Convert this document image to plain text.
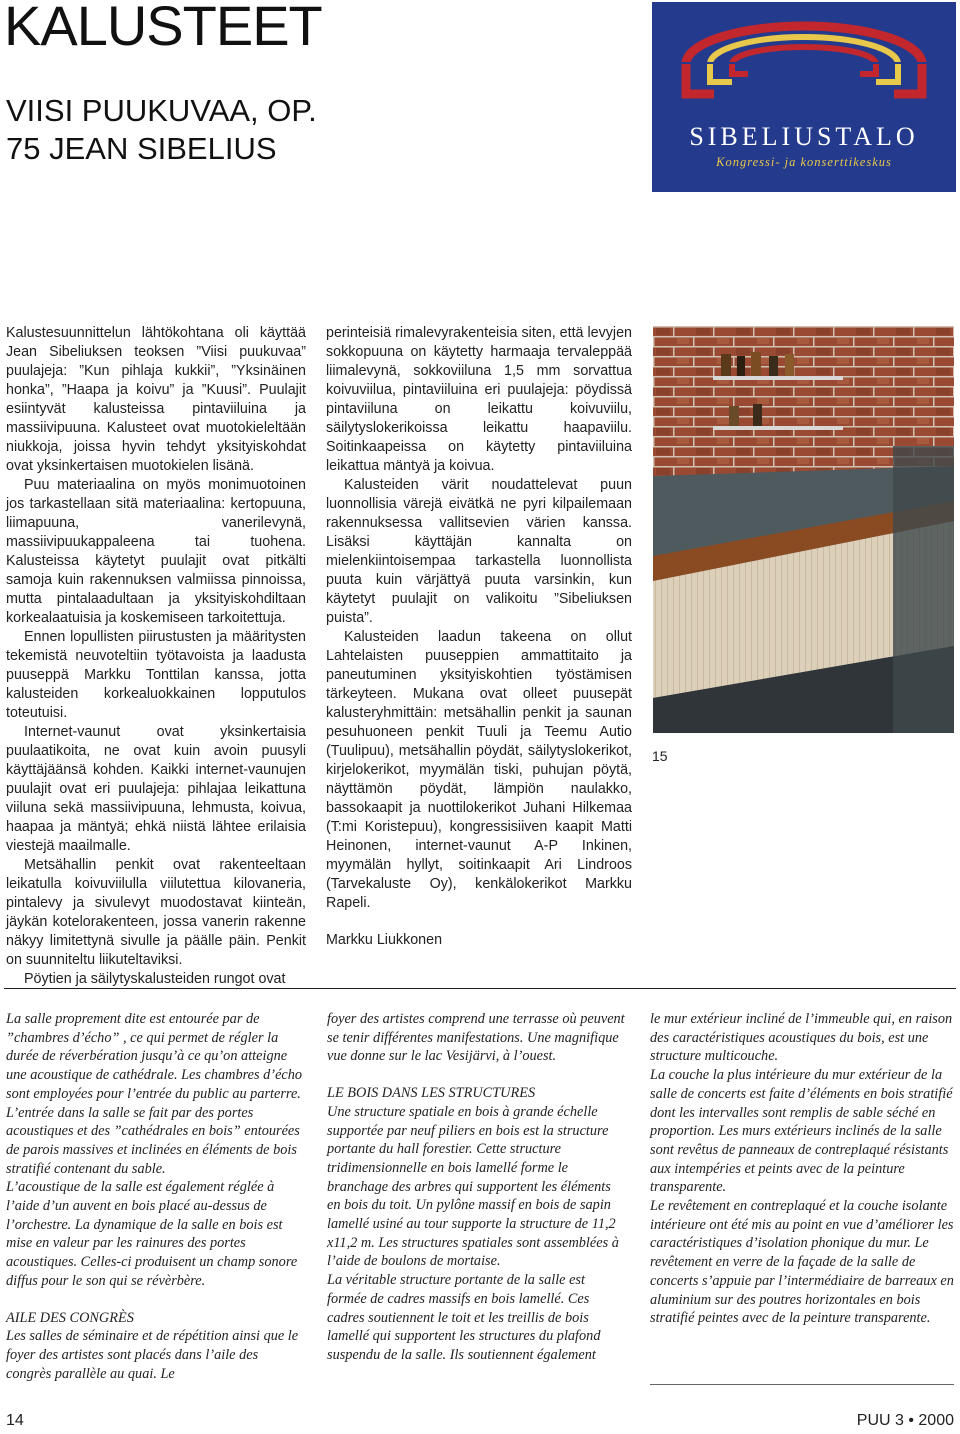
KALUSTEET
VIISI PUUKUVAA, OP. 75 JEAN SIBELIUS	SIBELIUSTALO
Kongressi- ja konserttikeskus

Kalustesuunnittelun lähtökohtana oli käyttää Jean Sibeliuksen teoksen ”Viisi puukuvaa” puulajeja: ”Kun pihlaja kukkii”, ”Yksinäinen honka”, ”Haapa ja koivu” ja ”Kuusi”. Puulajit esiintyvät kalusteissa pintaviiluina ja massiivipuuna. Kalusteet ovat muotokieleltään niukkoja, joissa hyvin tehdyt yksityiskohdat ovat yksinkertaisen muotokielen lisänä.

Puu materiaalina on myös monimuotoinen jos tarkastellaan sitä materiaalina: kertopuuna, liimapuuna, vanerilevynä, massiivipuukappaleena tai tuohena. Kalusteissa käytetyt puulajit ovat pitkälti samoja kuin rakennuksen valmiissa pinnoissa, mutta pintalaadultaan ja yksityiskohdiltaan korkealaatuisia ja koskemiseen tarkoitettuja.

Ennen lopullisten piirustusten ja määritysten tekemistä neuvoteltiin työtavoista ja laadusta puuseppä Markku Tonttilan kanssa, jotta kalusteiden korkealuokkainen lopputulos toteutuisi.

Internet-vaunut ovat yksinkertaisia puulaatikoita, ne ovat kuin avoin puusyli käyttäjäänsä kohden. Kaikki internet-vaunujen puulajit ovat eri puulajeja: pihlajaa leikattuna viiluna sekä massiivipuuna, lehmusta, koivua, haapaa ja mäntyä; ehkä niistä lähtee erilaisia viestejä maailmalle.

Metsähallin penkit ovat rakenteeltaan leikatulla koivuviilulla viilutettua kilovaneria, pintalevy ja sivulevyt muodostavat kiinteän, jäykän kotelorakenteen, jossa vanerin rakenne näkyy limitettynä sivulle ja päälle päin. Penkit on suunniteltu liikuteltaviksi.

Pöytien ja säilytyskalusteiden rungot ovat

perinteisiä rimalevyrakenteisia siten, että levyjen sokkopuuna on käytetty harmaaja tervaleppää liimalevynä, sokkoviiluna 1,5 mm sorvattua koivuviilua, pintaviiluina eri puulajeja: pöydissä pintaviiluna on leikattu koivuviilu, säilytyslokerikoissa leikattu haapaviilu. Soitinkaapeissa on käytetty pintaviiluina leikattua mäntyä ja koivua.

Kalusteiden värit noudattelevat puun luonnollisia värejä eivätkä ne pyri kilpailemaan rakennuksessa vallitsevien värien kanssa. Lisäksi käyttäjän kannalta on mielenkiintoisempaa tarkastella luonnollista puuta kuin värjättyä puuta varsinkin, kun käytetyt puulajit on valikoitu ”Sibeliuksen puista”.

Kalusteiden laadun takeena on ollut Lahtelaisten puuseppien ammattitaito ja paneutuminen yksityiskohtien työstämisen tärkeyteen. Mukana ovat olleet puusepät kalusteryhmittäin: metsähallin penkit ja saunan pesuhuoneen penkit Tuuli ja Teemu Autio (Tuulipuu), metsähallin pöydät, säilytyslokerikot, kirjelokerikot, myymälän tiski, puhujan pöytä, näyttämön pöydät, lämpiön naulakko, bassokaapit ja nuottilokerikot Juhani Hilkemaa (T:mi Koristepuu), kongressisiiven kaapit Matti Heinonen, internet-vaunut A-P Inkinen, myymälän hyllyt, soitinkaapit Ari Lindroos (Tarvekaluste Oy), kenkälokerikot Markku Rapeli.

Markku Liukkonen

15

La salle proprement dite est entourée par de ”chambres d’écho” , ce qui permet de régler la durée de réverbération jusqu’à ce qu’on atteigne une acoustique de cathédrale. Les chambres d’écho sont employées pour l’entrée du public au parterre. L’entrée dans la salle se fait par des portes acoustiques et des ”cathédrales en bois” entourées de parois massives et inclinées en éléments de bois stratifié contenant du sable.

L’acoustique de la salle est également réglée à l’aide d’un auvent en bois placé au-dessus de l’orchestre. La dynamique de la salle en bois est mise en valeur par les rainures des portes acoustiques. Celles-ci produisent un champ sonore diffus pour le son qui se révèrbère.

AILE DES CONGRÈS

Les salles de séminaire et de répétition ainsi que le foyer des artistes sont placés dans l’aile des congrès parallèle au quai. Le

foyer des artistes comprend une terrasse où peuvent se tenir différentes manifestations. Une magnifique vue donne sur le lac Vesijärvi, à l’ouest.

LE BOIS DANS LES STRUCTURES

Une structure spatiale en bois à grande échelle supportée par neuf piliers en bois est la structure portante du hall forestier. Cette structure tridimensionnelle en bois lamellé forme le branchage des arbres qui supportent les éléments en bois du toit. Un pylône massif en bois de sapin lamellé usiné au tour supporte la structure de 11,2 x11,2 m. Les structures spatiales sont assemblées à l’aide de boulons de mortaise.

La véritable structure portante de la salle est formée de cadres massifs en bois lamellé. Ces cadres soutiennent le toit et les treillis de bois lamellé qui supportent les structures du plafond suspendu de la salle. Ils soutiennent également

le mur extérieur incliné de l’immeuble qui, en raison des caractéristiques acoustiques du bois, est une structure multicouche.

La couche la plus intérieure du mur extérieur de la salle de concerts est faite d’éléments en bois stratifié dont les intervalles sont remplis de sable séché en proportion. Les murs extérieurs inclinés de la salle sont revêtus de panneaux de contreplaqué résistants aux intempéries et peints avec de la peinture transparente.

Le revêtement en contreplaqué et la couche isolante intérieure ont été mis au point en vue d’améliorer les caractéristiques d’isolation phonique du mur. Le revêtement en verre de la façade de la salle de concerts s’appuie par l’intermédiaire de barreaux en aluminium sur des poutres horizontales en bois stratifié peintes avec de la peinture transparente.

14	PUU 3 • 2000
